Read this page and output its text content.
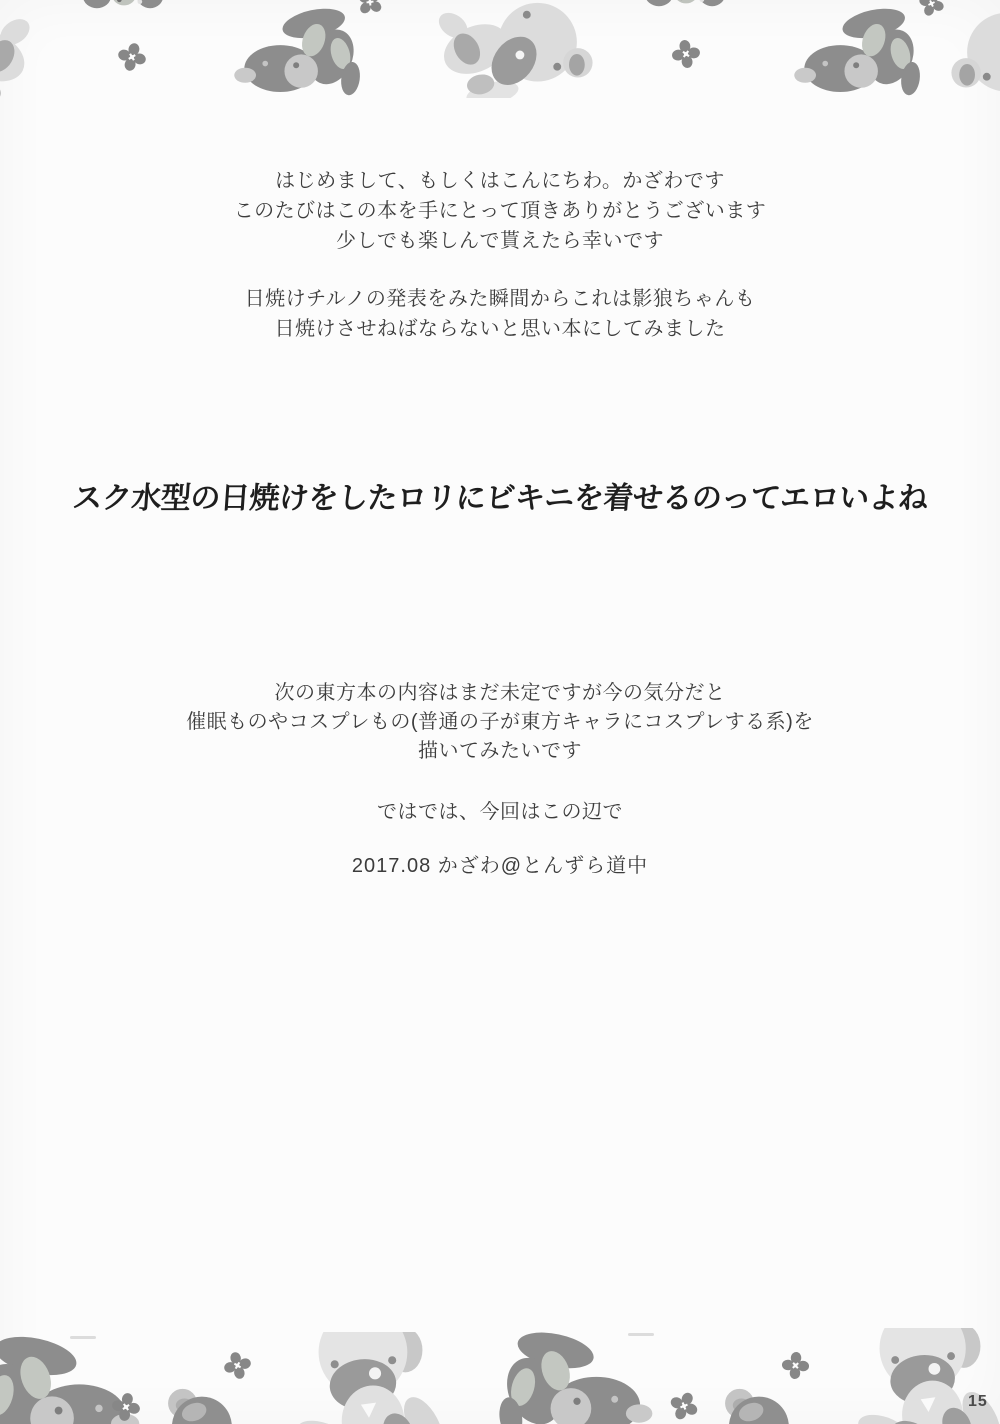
はじめまして、もしくはこんにちわ。かざわです
このたびはこの本を手にとって頂きありがとうございます
少しでも楽しんで貰えたら幸いです
日焼けチルノの発表をみた瞬間からこれは影狼ちゃんも
日焼けさせねばならないと思い本にしてみました
スク水型の日焼けをしたロリにビキニを着せるのってエロいよね
次の東方本の内容はまだ未定ですが今の気分だと
催眠ものやコスプレもの(普通の子が東方キャラにコスプレする系)を
描いてみたいです
ではでは、今回はこの辺で
2017.08 かざわ@とんずら道中
15
